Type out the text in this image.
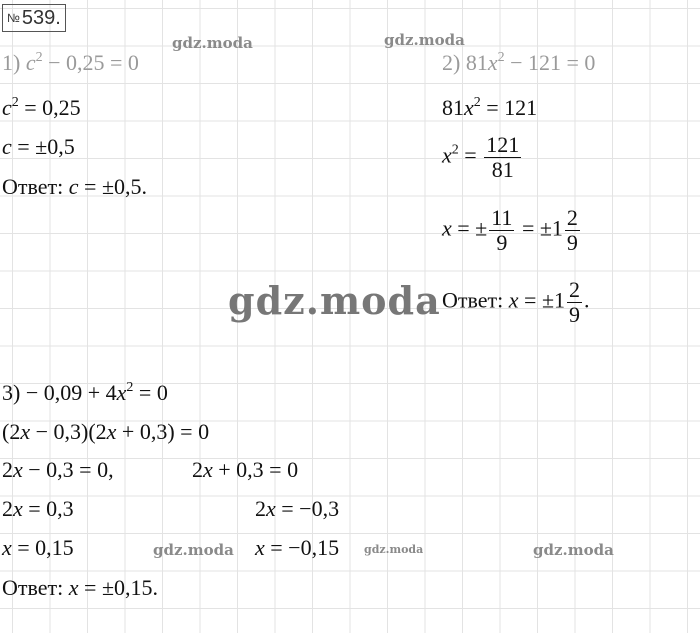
№ 539.
gdz.moda	gdz.moda
gdz.moda
gdz.moda	gdz.moda	gdz.moda
1) $c^2 - 0,25 = 0$
$c^2 = 0,25$
c = ±0,5
Ответ: c = ±0,5.
2) $81x^2 - 121 = 0$
$81x^2 = 121$
$x^2 = \frac{121}{81}$
x = ± $\frac{11}{9} = \pm 1 \frac{2}{9}$
Ответ: $x = \pm 1 \frac{2}{9}$ .
$3) - 0,09 + 4x^2 = 0$
(2x − 0,3)(2x + 0,3) = 0
2x − 0,3 = 0,	2x + 0,3 = 0
2x = 0,3	2x = −0,3
x = 0,15	x = −0,15
Ответ: x = ±0,15.
